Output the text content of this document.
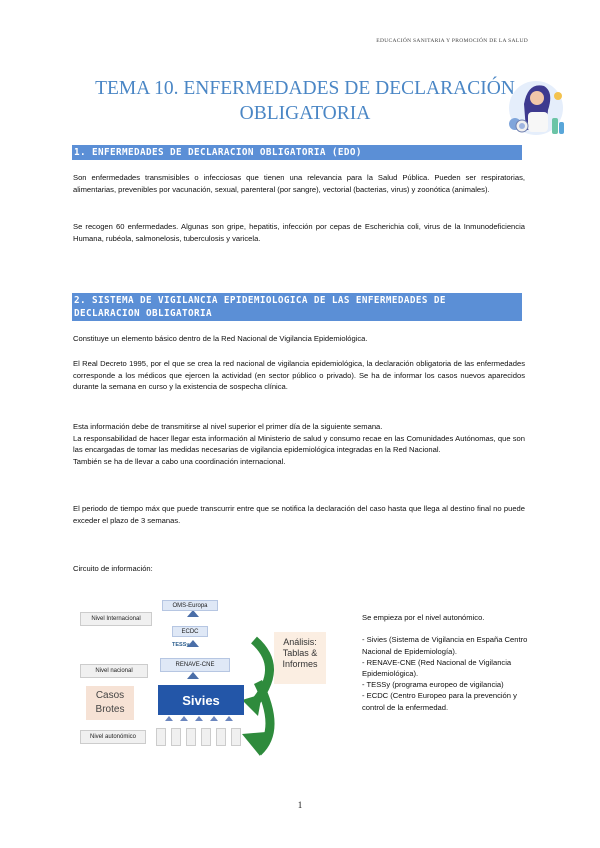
EDUCACIÓN SANITARIA Y PROMOCIÓN DE LA SALUD
TEMA 10. ENFERMEDADES DE DECLARACIÓN
OBLIGATORIA
1. ENFERMEDADES DE DECLARACION OBLIGATORIA (EDO)
Son enfermedades transmisibles o infecciosas que tienen una relevancia para la Salud Pública. Pueden ser respiratorias, alimentarias, prevenibles por vacunación, sexual, parenteral (por sangre), vectorial (bacterias, virus) y zoonótica (animales).
Se recogen 60 enfermedades. Algunas son gripe, hepatitis, infección por cepas de Escherichia coli, virus de la Inmunodeficiencia Humana, rubéola, salmonelosis, tuberculosis y varicela.
2. SISTEMA DE VIGILANCIA EPIDEMIOLOGICA DE LAS ENFERMEDADES DE
DECLARACION OBLIGATORIA
Constituye un elemento básico dentro de la Red Nacional de Vigilancia Epidemiológica.
El Real Decreto 1995, por el que se crea la red nacional de vigilancia epidemiológica, la declaración obligatoria de las enfermedades corresponde a los médicos que ejercen la actividad (en sector público o privado). Se ha de informar los casos nuevos aparecidos durante la semana en curso y la existencia de sospecha clínica.
Esta información debe de transmitirse al nivel superior el primer día de la siguiente semana.
La responsabilidad de hacer llegar esta información al Ministerio de salud y consumo recae en las Comunidades Autónomas, que son las encargadas de tomar las medidas necesarias de vigilancia epidemiológica integradas en la Red Nacional.
También se ha de llevar a cabo una coordinación internacional.
El periodo de tiempo máx que puede transcurrir entre que se notifica la declaración del caso hasta que llega al destino final no puede exceder el plazo de 3 semanas.
Circuito de información:
Nivel Internacional
OMS-Europa
ECDC
TESSy
Nivel nacional
RENAVE-CNE
Casos
Brotes
Sivies
Análisis:
Tablas &
Informes
Nivel autonómico
Se empieza por el nivel autonómico.
- Sivies (Sistema de Vigilancia en España Centro Nacional de Epidemiología).
- RENAVE-CNE (Red Nacional de Vigilancia Epidemiológica).
- TESSy (programa europeo de vigilancia)
- ECDC (Centro Europeo para la prevención y control de la enfermedad.
1
